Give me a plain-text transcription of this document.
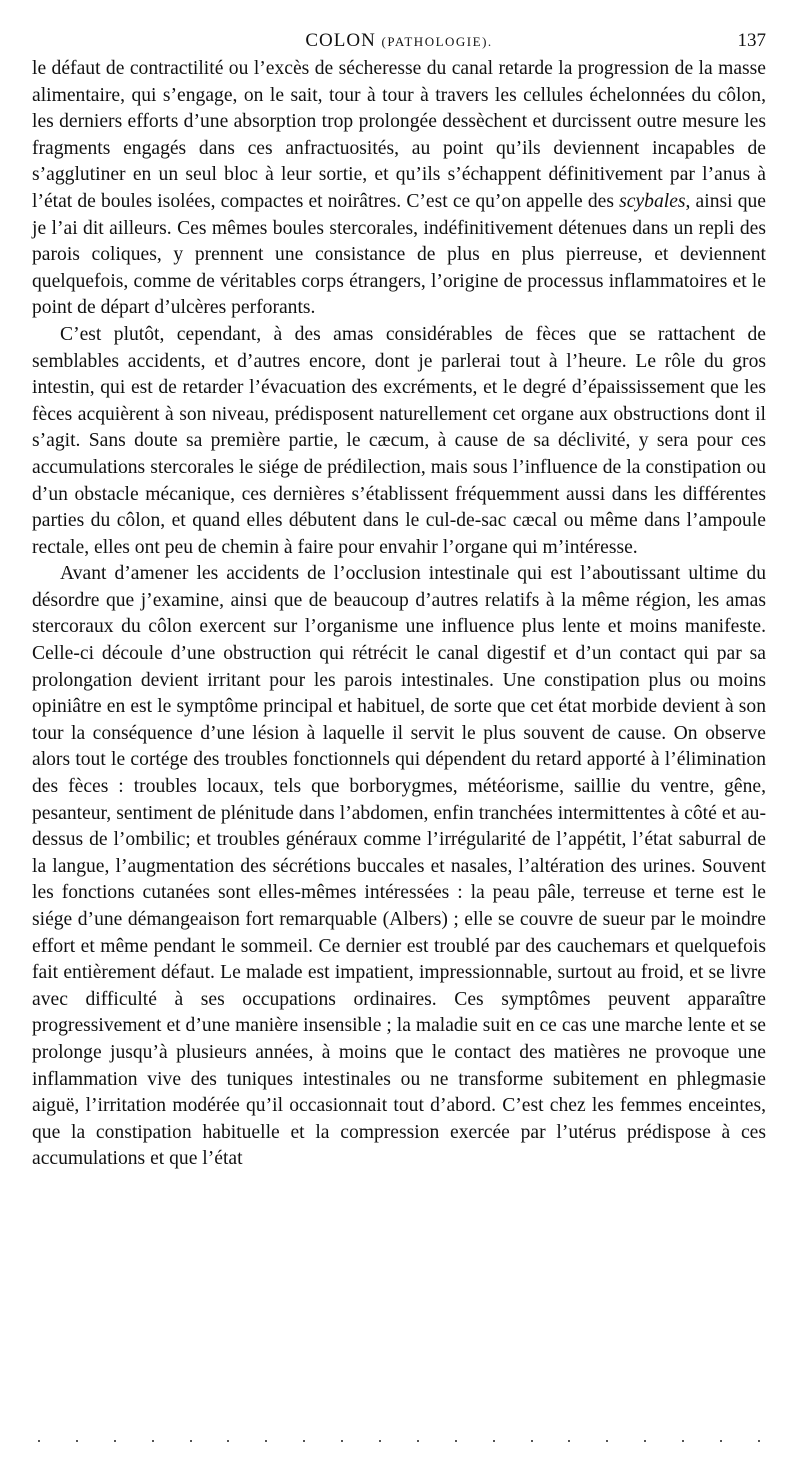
COLON (PATHOLOGIE).	137

le défaut de contractilité ou l’excès de sécheresse du canal retarde la progression de la masse alimentaire, qui s’engage, on le sait, tour à tour à travers les cellules échelonnées du côlon, les derniers efforts d’une absorption trop prolongée dessèchent et durcissent outre mesure les fragments engagés dans ces anfractuosités, au point qu’ils deviennent incapables de s’agglutiner en un seul bloc à leur sortie, et qu’ils s’échappent définitivement par l’anus à l’état de boules isolées, compactes et noirâtres. C’est ce qu’on appelle des scybales, ainsi que je l’ai dit ailleurs. Ces mêmes boules stercorales, indéfinitivement détenues dans un repli des parois coliques, y prennent une consistance de plus en plus pierreuse, et deviennent quelquefois, comme de véritables corps étrangers, l’origine de processus inflammatoires et le point de départ d’ulcères perforants.

C’est plutôt, cependant, à des amas considérables de fèces que se rattachent de semblables accidents, et d’autres encore, dont je parlerai tout à l’heure. Le rôle du gros intestin, qui est de retarder l’évacuation des excréments, et le degré d’épaississement que les fèces acquièrent à son niveau, prédisposent naturellement cet organe aux obstructions dont il s’agit. Sans doute sa première partie, le cæcum, à cause de sa déclivité, y sera pour ces accumulations stercorales le siége de prédilection, mais sous l’influence de la constipation ou d’un obstacle mécanique, ces dernières s’établissent fréquemment aussi dans les différentes parties du côlon, et quand elles débutent dans le cul-de-sac cæcal ou même dans l’ampoule rectale, elles ont peu de chemin à faire pour envahir l’organe qui m’intéresse.

Avant d’amener les accidents de l’occlusion intestinale qui est l’aboutissant ultime du désordre que j’examine, ainsi que de beaucoup d’autres relatifs à la même région, les amas stercoraux du côlon exercent sur l’organisme une influence plus lente et moins manifeste. Celle-ci découle d’une obstruction qui rétrécit le canal digestif et d’un contact qui par sa prolongation devient irritant pour les parois intestinales. Une constipation plus ou moins opiniâtre en est le symptôme principal et habituel, de sorte que cet état morbide devient à son tour la conséquence d’une lésion à laquelle il servit le plus souvent de cause. On observe alors tout le cortége des troubles fonctionnels qui dépendent du retard apporté à l’élimination des fèces : troubles locaux, tels que borborygmes, météorisme, saillie du ventre, gêne, pesanteur, sentiment de plénitude dans l’abdomen, enfin tranchées intermittentes à côté et au-dessus de l’ombilic; et troubles généraux comme l’irrégularité de l’appétit, l’état saburral de la langue, l’augmentation des sécrétions buccales et nasales, l’altération des urines. Souvent les fonctions cutanées sont elles-mêmes intéressées : la peau pâle, terreuse et terne est le siége d’une démangeaison fort remarquable (Albers) ; elle se couvre de sueur par le moindre effort et même pendant le sommeil. Ce dernier est troublé par des cauchemars et quelquefois fait entièrement défaut. Le malade est impatient, impressionnable, surtout au froid, et se livre avec difficulté à ses occupations ordinaires. Ces symptômes peuvent apparaître progressivement et d’une manière insensible ; la maladie suit en ce cas une marche lente et se prolonge jusqu’à plusieurs années, à moins que le contact des matières ne provoque une inflammation vive des tuniques intestinales ou ne transforme subitement en phlegmasie aiguë, l’irritation modérée qu’il occasionnait tout d’abord. C’est chez les femmes enceintes, que la constipation habituelle et la compression exercée par l’utérus prédispose à ces accumulations et que l’état
